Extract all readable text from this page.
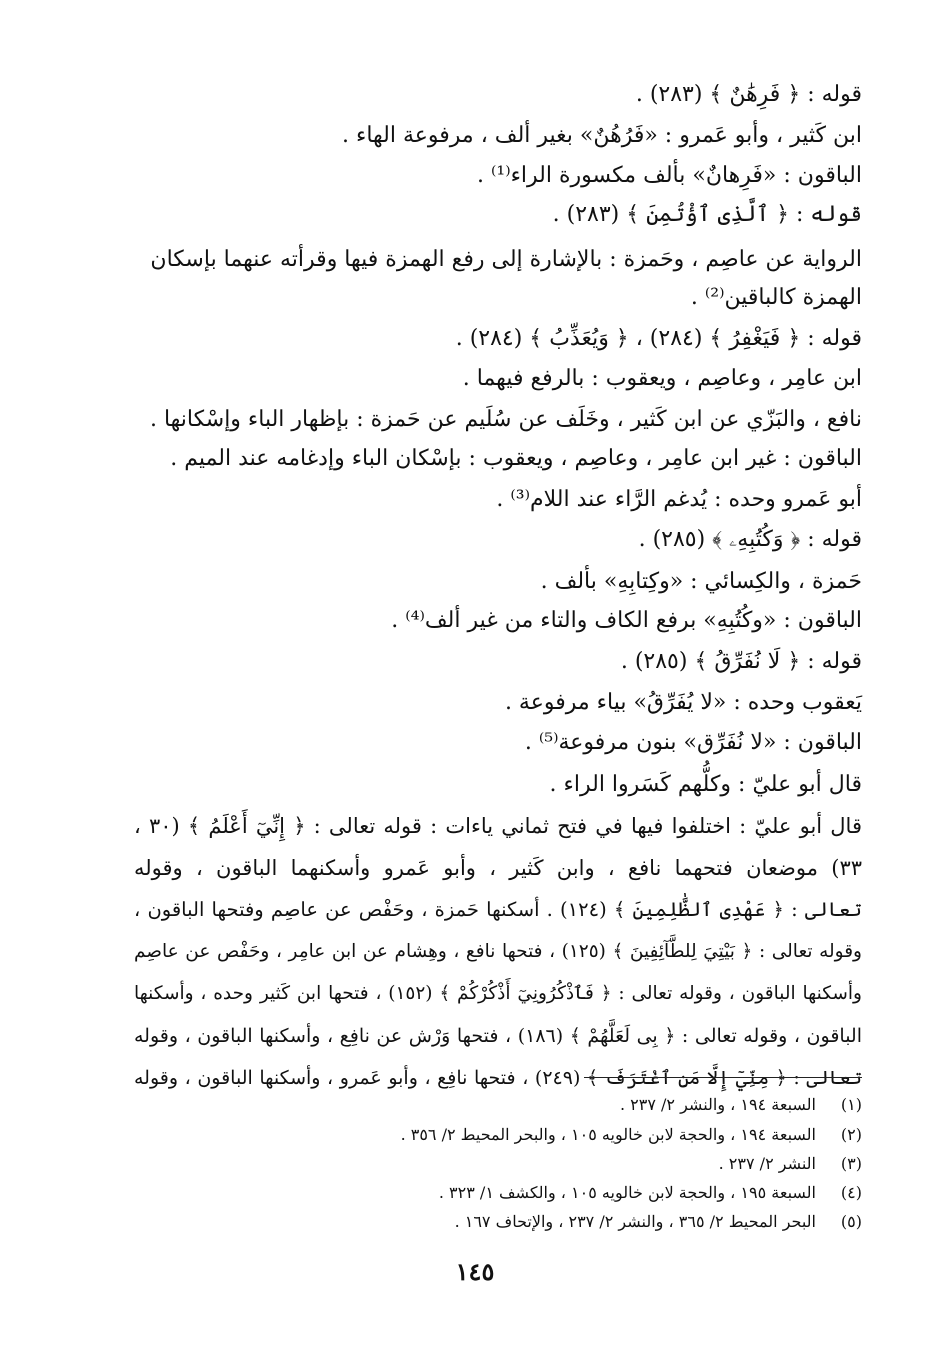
قوله : ﴿ فَرِهَٰنٌ ﴾ (٢٨٣) .
ابن كَثير ، وأبو عَمرو : «فَرُهُنٌ» بغير ألف ، مرفوعة الهاء .
الباقون : «فَرِهانٌ» بألف مكسورة الراء⁽¹⁾ .
قوله : ﴿ ٱلَّذِى ٱؤْتُمِنَ ﴾ (٢٨٣) .
الرواية عن عاصِم ، وحَمزة : بالإشارة إلى رفع الهمزة فيها وقرأته عنهما بإسكان
الهمزة كالباقين⁽²⁾ .
قوله : ﴿ فَيَغْفِرُ ﴾ (٢٨٤) ، ﴿ وَيُعَذِّبُ ﴾ (٢٨٤) .
ابن عامِر ، وعاصِم ، ويعقوب : بالرفع فيهما .
نافع ، والبَزّي عن ابن كَثير ، وخَلَف عن سُلَيم عن حَمزة : بإظهار الباء وإسْكانها .
الباقون : غير ابن عامِر ، وعاصِم ، ويعقوب : بإسْكان الباء وإدغامه عند الميم .
أبو عَمرو وحده : يُدغم الرَّاء عند اللام⁽³⁾ .
قوله : ﴿ وَكُتُبِهِۦ ﴾ (٢٨٥) .
حَمزة ، والكِسائي : «وكِتابِهِ» بألف .
الباقون : «وكُتُبِهِ» برفع الكاف والتاء من غير ألف⁽⁴⁾ .
قوله : ﴿ لَا نُفَرِّقُ ﴾ (٢٨٥) .
يَعقوب وحده : «لا يُفَرِّقُ» بياء مرفوعة .
الباقون : «لا نُفَرِّق» بنون مرفوعة⁽⁵⁾ .
قال أبو عليّ : وكلُّهم كَسَروا الراء .
قال أبو عليّ : اختلفوا فيها في فتح ثماني ياءات : قوله تعالى : ﴿ إِنِّيٓ أَعْلَمُ ﴾ (٣٠ ،
٣٣) موضعان فتحهما نافع ، وابن كَثير ، وأبو عَمرو وأسكنهما الباقون ، وقوله
تعالى : ﴿ عَهْدِى ٱلظَّٰلِمِينَ ﴾ (١٢٤) . أسكنها حَمزة ، وحَفْص عن عاصِم وفتحها الباقون ،
وقوله تعالى : ﴿ بَيْتِيَ لِلطَّآئِفِينَ ﴾ (١٢٥) ، فتحها نافع ، وهِشام عن ابن عامِر ، وحَفْص عن عاصِم
وأسكنها الباقون ، وقوله تعالى : ﴿ فَٱذْكُرُونِيٓ أَذْكُرْكُمْ ﴾ (١٥٢) ، فتحها ابن كَثير وحده ، وأسكنها
الباقون ، وقوله تعالى : ﴿ بِى لَعَلَّهُمْ ﴾ (١٨٦) ، فتحها وَرْش عن نافِع ، وأسكنها الباقون ، وقوله
تعالى : ﴿ مِنِّيٓ إِلَّا مَنِ ٱغْتَرَفَ ﴾ (٢٤٩) ، فتحها نافِع ، وأبو عَمرو ، وأسكنها الباقون ، وقوله
(١)السبعة ١٩٤ ، والنشر ٢/ ٢٣٧ .
(٢)السبعة ١٩٤ ، والحجة لابن خالويه ١٠٥ ، والبحر المحيط ٢/ ٣٥٦ .
(٣)النشر ٢/ ٢٣٧ .
(٤)السبعة ١٩٥ ، والحجة لابن خالويه ١٠٥ ، والكشف ١/ ٣٢٣ .
(٥)البحر المحيط ٢/ ٣٦٥ ، والنشر ٢/ ٢٣٧ ، والإتحاف ١٦٧ .
١٤٥
